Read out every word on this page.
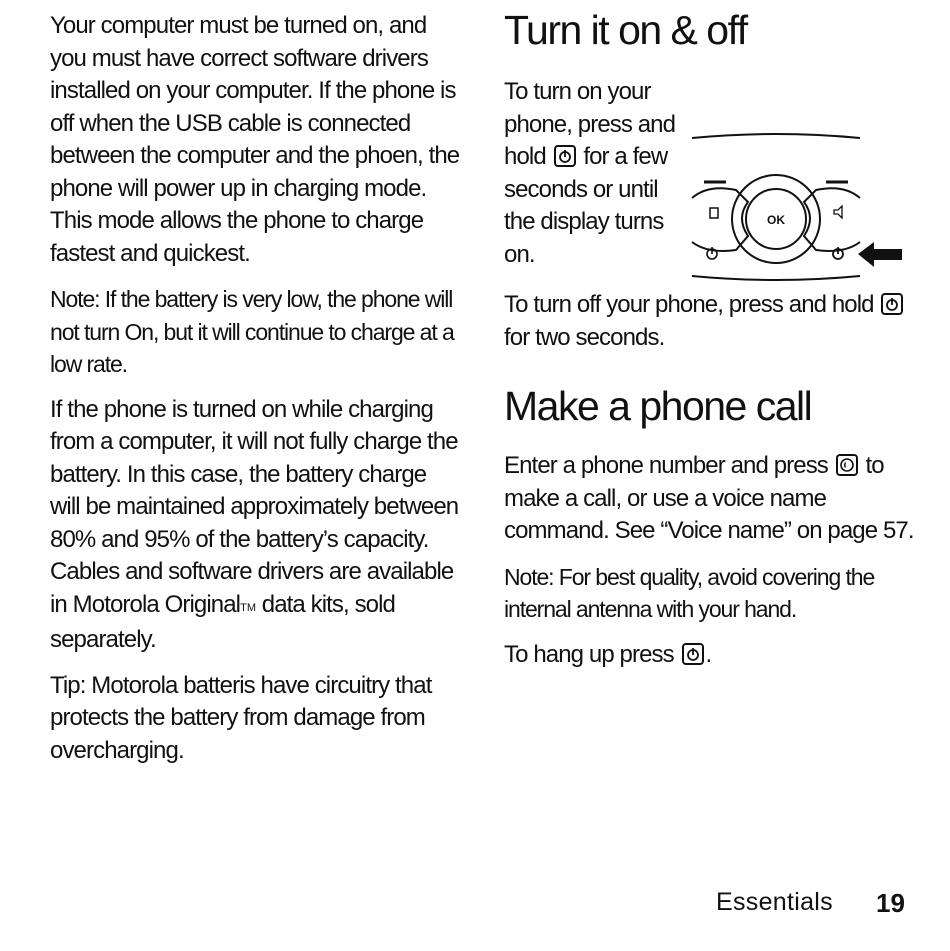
Your computer must be turned on, and you must have correct software drivers installed on your computer. If the phone is off when the USB cable is connected between the computer and the phoen, the phone will power up in charging mode. This mode allows the phone to charge fastest and quickest.

Note: If the battery is very low, the phone will not turn On, but it will continue to charge at a low rate.

If the phone is turned on while charging from a computer, it will not fully charge the battery. In this case, the battery charge will be maintained approximately between 80% and 95% of the battery’s capacity. Cables and software drivers are available in Motorola OriginalTM data kits, sold separately.

Tip: Motorola batteris have circuitry that protects the battery from damage from overcharging.

Turn it on & off

To turn on your phone, press and hold for a few seconds or until the display turns on.

OK

To turn off your phone, press and hold
for two seconds.

Make a phone call

Enter a phone number and press to make a call, or use a voice name command. See “Voice name” on page 57.

Note: For best quality, avoid covering the internal antenna with your hand.

To hang up press .

Essentials 19
